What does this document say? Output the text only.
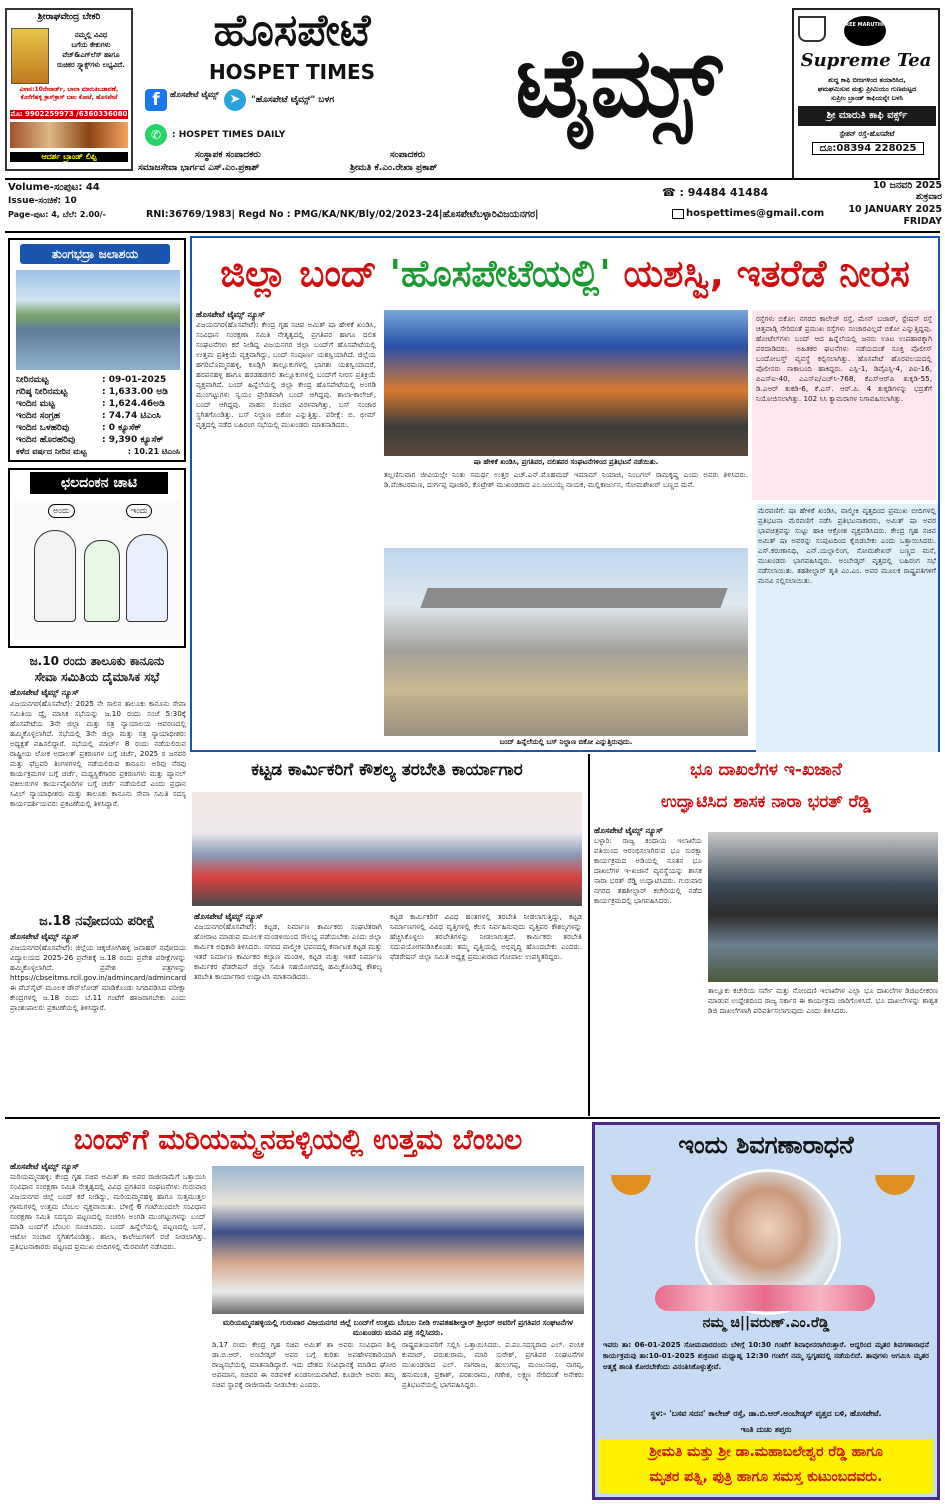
ಶ್ರೀರಾಘವೇಂದ್ರ ಬೇಕರಿ
ನಮ್ಮಲ್ಲಿ ವಿವಿಧ
ಬಗೆಯ ಕೇಕುಗಳು
ವೆಜ್&ಎಗ್‌ಲೆಸ್ ಹಾಗೂ
ರುಚಿಕರ ಸ್ನ್ಯಾಕ್ಸ್‌ಗಳು ಲಭ್ಯವಿದೆ.
ವಿಳಾಸ:10ನೇವಾರ್ಡ್, ಬಾಲಾ ಮಾರುತಿಬಡಾವಣೆ, ಕೊರೆಗೆಹಳ್ಳಿ ಕ್ರಾಸ್‌ಕ್ರಾಸ್ ಬಾಲ ಕೋಟೆ, ಹೊಸಪೇಟೆ
ಮೊ: 9902259973 /6360336080
ಆದರ್ಶ ಬ್ರಾಂಡ್ ಲಿಪ್ಪಿ
ಹೊಸಪೇಟೆ
HOSPET TIMES
f	ಹೊಸಪೇಟೆ ಟೈಮ್ಸ್ ➤	"ಹೊಸಪೇಟೆ ಟೈಮ್ಸ್" ಬಳಗ
✆	: HOSPET TIMES DAILY	ಟೈಮ್ಸ್
ಸಂಸ್ಥಾಪಕ ಸಂಪಾದಕರು	ಸಂಪಾದಕರು
ಸಮಾಜಸೇವಾ ಭಾರ್ಗವ ಎಸ್.ಎಂ.ಪ್ರಕಾಶ್	ಶ್ರೀಮತಿ ಕೆ.ಎಂ.ರೇಖಾ ಪ್ರಕಾಶ್
SREE MARUTHI's
Supreme Tea
ಶುದ್ಧ ಕಾಫಿ ಬೀಜಗಳಿಂದ ತಯಾರಿಸಿದ,
ಘಮಘಮಿಸುವ ಮತ್ತು ಪ್ರೀಮಿಯಂ ಗುಣಮಟ್ಟದ
ಸುಪ್ರೀಂ ಬ್ರಾಂಡ್ ಕಾಫಿಯನ್ನೇ ಬಳಸಿ
ಶ್ರೀ ಮಾರುತಿ ಕಾಫಿ ವರ್ಕ್ಸ್
ಸ್ಟೇಶನ್ ರಸ್ತೆ-ಹೊಸಪೇಟೆ
ದೂ:08394 228025
Volume-ಸಂಪುಟ: 44
Issue-ಸಂಚಿಕೆ: 10
Page-ಪುಟ: 4, ಬೆಲೆ: 2.00/-	RNI:36769/1983| Regd No : PMG/KA/NK/Bly/02/2023-24|ಹೊಸಪೇಟೆಬಳ್ಳಾರಿವಿಜಯನಗರ|	hospettimes@gmail.com
☎ : 94484 41484
10 ಜನವರಿ 2025
ಶುಕ್ರವಾರ
10 JANUARY 2025
FRIDAY
ತುಂಗಭದ್ರಾ ಜಲಾಶಯ
ನೀರಿನಮಟ್ಟ	: 09-01-2025
ಗರಿಷ್ಠ ನೀರಿನಮಟ್ಟ	: 1,633.00 ಅಡಿ
ಇಂದಿನ ಮಟ್ಟ	: 1,624.46ಅಡಿ
ಇಂದಿನ ಸಂಗ್ರಹ	: 74.74 ಟಿಎಂಸಿ
ಇಂದಿನ ಒಳಹರಿವು	: 0 ಕ್ಯೂಸೆಕ್
ಇಂದಿನ ಹೊರಹರಿವು	: 9,390 ಕ್ಯೂಸೆಕ್
ಕಳೆದ ವರ್ಷದ ನೀರಿನ ಮಟ್ಟ	: 10.21 ಟಿಎಂಸಿ
ಛಲದಂಕನ ಚಾಟಿ
ಅಂದು	ಇಂದು
ಜ.10 ರಂದು ತಾಲೂಕು ಕಾನೂನು
ಸೇವಾ ಸಮಿತಿಯ ದೈಮಾಸಿಕ ಸಭೆ
ಹೊಸಪೇಟೆ ಟೈಮ್ಸ್ ನ್ಯೂಸ್
ವಿಜಯನಗರ(ಹೊಸಪೇಟೆ): 2025 ನೇ ಸಾಲಿನ ತಾಲೂಕು ಕಾನೂನು ಸೇವಾ ಸಮಿತಿಯ ದ್ವೈ ಮಾಸಿಕ ಸಭೆಯನ್ನು ಜ.10 ರಂದು ಸಂಜೆ 5:30ಕ್ಕೆ ಹೊಸಪೇಟೆಯ 3ನೇ ಜಿಲ್ಲಾ ಮತ್ತು ಸತ್ರ ನ್ಯಾಯಾಲಯ ಆವರಣದಲ್ಲಿ ಹಮ್ಮಿಕೊಳ್ಳಲಾಗಿದೆ. ಸಭೆಯಲ್ಲಿ 3ನೇ ಜಿಲ್ಲಾ ಮತ್ತು ಸತ್ರ ನ್ಯಾಯಾಧೀಶರು ಅಧ್ಯಕ್ಷತೆ ವಹಿಸಲಿದ್ದಾರೆ. ಸಭೆಯಲ್ಲಿ ಮಾರ್ಚ್ 8 ರಂದು ನಡೆಯಲಿರುವ ರಾಷ್ಟ್ರೀಯ ಲೋಕ ಅದಾಲತ್ ಪ್ರಕರಣಗಳ ಬಗ್ಗೆ ಚರ್ಚೆ, 2025 ರ ಜನವರಿ ಮತ್ತು ಫೆಬ್ರವರಿ ತಿಂಗಳಗಳಲ್ಲಿ ನಡೆಯಲಿರುವ ಕಾನೂನು ಅರಿವು ನೆರವು ಕಾರ್ಯಕ್ರಮಗಳ ಬಗ್ಗೆ ಚರ್ಚೆ, ಮಧ್ಯಸ್ಥಿಕೆಗಾರರ ಪ್ರಕರಣಗಳು ಮತ್ತು ಪ್ಯಾನಲ್ ವಕೀಲರುಗಳ ಕಾರ್ಯವೈಖರಿಗಳ ಬಗ್ಗೆ ಚರ್ಚೆ ನಡೆಯಲಿದೆ ಎಂದು ಪ್ರಧಾನ ಸಿವಿಲ್ ನ್ಯಾಯಾಧೀಶರು ಮತ್ತು ತಾಲೂಕು ಕಾನೂನು ಸೇವಾ ಸಮಿತಿ ಸದಸ್ಯ ಕಾರ್ಯದರ್ಶಿಯವರು ಪ್ರಕಟಣೆಯಲ್ಲಿ ತಿಳಿಸಿದ್ದಾರೆ.
ಜ.18 ನವೋದಯ ಪರೀಕ್ಷೆ
ಹೊಸಪೇಟೆ ಟೈಮ್ಸ್ ನ್ಯೂಸ್
ವಿಜಯನಗರ(ಹೊಸಪೇಟೆ): ಜಿಲ್ಲೆಯ ಚಿಕ್ಕಜೋಗಿಹಳ್ಳಿ ಜವಾಹರ್ ನವೋದಯ ವಿದ್ಯಾಲಯದ 2025-26 ಪ್ರವೇಶಕ್ಕೆ ಜ.18 ರಂದು ಪ್ರವೇಶ ಪರೀಕ್ಷೆಗಳನ್ನು ಹಮ್ಮಿಕೊಳ್ಳಲಾಗಿದೆ. ಪ್ರವೇಶ ಪತ್ರಗಳನ್ನು https://cbseitms.rcil.gov.in/admincard/admincard ಈ ವೆಬ್‌ಸೈಟ್ ಮೂಲಕ ಡೌನ್‌ಲೋಡ್ ಮಾಡಿಕೊಂಡು ನಿಗದಿಪಡಿಸಿದ ಪರೀಕ್ಷಾ ಕೇಂದ್ರಗಳಲ್ಲಿ ಜ.18 ರಂದು ಬೆ.11 ಗಂಟೆಗೆ ಹಾಜರಾಗಬೇಕು ಎಂದು ಪ್ರಾಂಶುಪಾಲರು ಪ್ರಕಟಣೆಯಲ್ಲಿ ತಿಳಿಸಿದ್ದಾರೆ.
ಜಿಲ್ಲಾ ಬಂದ್ 'ಹೊಸಪೇಟೆಯಲ್ಲಿ' ಯಶಸ್ವಿ, ಇತರೆಡೆ ನೀರಸ
ಹೊಸಪೇಟೆ ಟೈಮ್ಸ್ ನ್ಯೂಸ್
ವಿಜಯನಗರ(ಹೊಸಪೇಟೆ): ಕೇಂದ್ರ ಗೃಹ ಸಚಿವ ಅಮಿತ್ ಷಾ ಹೇಳಿಕೆ ಖಂಡಿಸಿ, ಸಂವಿಧಾನ ಸಂರಕ್ಷಣಾ ಸಮಿತಿ ನೇತೃತ್ವದಲ್ಲಿ ಪ್ರಗತಿಪರ ಹಾಗೂ ದಲಿತ ಸಂಘಟನೆಗಳು ಕರೆ ನೀಡಿದ್ದ ವಿಜಯನಗರ ಜಿಲ್ಲಾ ಬಂದ್‌ಗೆ ಹೊಸಪೇಟೆಯಲ್ಲಿ ಉತ್ತಮ ಪ್ರತಿಕ್ರಿಯೆ ವ್ಯಕ್ತವಾಗಿದ್ದು, ಬಂದ್ ಸಂಪೂರ್ಣ ಯಶಸ್ವಿಯಾಗಿದೆ. ಜಿಲ್ಲೆಯ ಹಗರಿಬೊಮ್ಮನಹಳ್ಳಿ, ಕೂಡ್ಲಿಗಿ ತಾಲ್ಲೂಕುಗಳಲ್ಲಿ ಭಾಗಶಃ ಯಶಸ್ವಿಯಾದರೆ, ಹರಪನಹಳ್ಳಿ ಹಾಗೂ ಹರಡಹಡಗಲಿ ತಾಲ್ಲೂಕುಗಳಲ್ಲಿ ಬಂದ್‌ಗೆ ನೀರಸ ಪ್ರತಿಕ್ರಿಯೆ ವ್ಯಕ್ತವಾಗಿದೆ. ಬಂದ್ ಹಿನ್ನೆಲೆಯಲ್ಲಿ ಜಿಲ್ಲಾ ಕೇಂದ್ರ ಹೊಸಪೇಟೆಯಲ್ಲಿ ಅಂಗಡಿ ಮುಂಗಟ್ಟುಗಳು ಸ್ವಯಂ ಪ್ರೇರಿತವಾಗಿ ಬಂದ್ ಆಗಿದ್ದವು. ಶಾಲಾ-ಕಾಲೇಜ್, ಬಂದ್ ಆಗಿದ್ದವು. ವಾಹನ ಸಂಚಾರ ವಿರಳವಾಗಿತ್ತು, ಬಸ್ ಸಂಚಾರ ಸ್ಥಗಿತಗೊಂಡಿತ್ತು. ಬಸ್ ನಿಲ್ದಾಣ ಬಿಕೋ ಎನ್ನುತ್ತಿತ್ತು. ಪರೀಕ್ಷೆ: ಬಿ. ಭೀಮ್ ವೃತ್ತದಲ್ಲಿ ನಡೆದ ಬಹಿರಂಗ ಸಭೆಯಲ್ಲಿ ಮುಖಂಡರು ಮಾತನಾಡಿದರು.
ಷಾ ಹೇಳಿಕೆ ಖಂಡಿಸಿ, ಪ್ರಗತಿಪರ, ದಲಿತಪರ ಸಂಘಟನೆಗಳಿಂದ ಪ್ರತಿಭಟನೆ ನಡೆಯಿತು.
ತಲ್ಲಣಿಸುವಾಗ ಜೀವಿಯಲ್ಲೇ ನಿಂತು ಸಮರ್ಥ ಉತ್ತರ ಎಚ್.ಎನ್.ಮೊಹಮದ್ ಇಮಾಮ್ ನಿಯಾಜಿ, ನಿಂಬಗಲ್ ರಾಮಕೃಷ್ಣ ಎಂದು ಅವರು ತಿಳಿಸಿದರು. ಡಿ.ವೆಂಕಟರಮಣ, ದುರ್ಗಪ್ಪ ಪೂಜಾರಿ, ಕೊಟ್ರೇಶ್ ಮುಖಂಡರಾದ ಎಂ.ಜಂಬಯ್ಯ ನಾಯಕ, ಮಲ್ಲಿಕಾರ್ಜುನ, ಸೋಮಶೇಖರ್ ಬಣ್ಣದ ಮನೆ.
ಬಂದ್ ಹಿನ್ನೆಲೆಯಲ್ಲಿ ಬಸ್ ನಿಲ್ದಾಣ ಬಿಕೋ ಎನ್ನುತ್ತಿರುವುದು.
ರಸ್ತೆಗಳು ಬಿಕೋ: ನಗರದ ಕಾಲೇಜ್ ರಸ್ತೆ, ಮೇನ್ ಬಜಾರ್, ಸ್ಟೇಷನ್ ರಸ್ತೆ ಚಿತ್ತವಾಡ್ಗಿ ಸೇರಿದಂತೆ ಪ್ರಮುಖ ರಸ್ತೆಗಳು ಸಂಚಾರವಿಲ್ಲದೆ ಬಿಕೋ ಎನ್ನುತ್ತಿದ್ದವು. ಹೋಟೆಲ್‌ಗಳು ಬಂದ್ ಆದ ಹಿನ್ನೆಲೆಯಲ್ಲಿ ಜನರು ಊಟ ಉಪಹಾರಕ್ಕಾಗಿ ಪರದಾಡಿದರು. ಅಹಿತಕರ ಘಟನೆಗಳು ನಡೆಯದಂತೆ ಸೂಕ್ತ ಪೊಲೀಸ್ ಬಂದೋಬಸ್ತ್ ವ್ಯವಸ್ಥೆ ಕಲ್ಪಿಸಲಾಗಿತ್ತು. ಹೊಸಪೇಟೆ ಹೊರವಲಯದಲ್ಲಿ ಪೊಲೀಸರು ನಾಕಾಬಂದಿ ಹಾಕಿದ್ದರು. ಎಸ್ಪಿ-1, ಡಿವೈಎಸ್ಪಿ-4, ಪಿಐ-16, ಪಿಎಸ್‌ಐ-40, ಎಎಸ್‌ಐ/ಎಚ್‌ಸಿ-768, ಕೆಎಸ್‌ಆರ್‌ಪಿ ತುಕ್ಕಡಿ-55, ಡಿ.ಎಆರ್ ತುಕಡಿ-6, ಕೆ.ಎಸ್. ಆರ್.ಪಿ. 4 ತುಕ್ಕಡಿಗಳನ್ನು ಭದ್ರತೆಗೆ ನಿಯೋಜಿಸಲಾಗಿತ್ತು. 102 ಸಿಸಿ ಕ್ಯಾಮರಾಗಳ ನಿಗಾವಹಿಸಲಾಗಿತ್ತು.
ಮೆರವಣಿಗೆ: ಷಾ ಹೇಳಿಕೆ ಖಂಡಿಸಿ, ವಾಲ್ಮೀಕಿ ವೃತ್ತದಿಂದ ಪ್ರಮುಖ ಬೀದಿಗಳಲ್ಲಿ ಪ್ರತಿಭಟನಾ ಮೆರವಣಿಗೆ ನಡೆಸಿ ಪ್ರತಿಭಟನಾಕಾರರು, ಅಮಿತ್ ಷಾ ಅವರ ಭಾವಚಿತ್ರವನ್ನು ಸುಟ್ಟು ಹಾಕಿ ಆಕ್ರೋಶ ವ್ಯಕ್ತಪಡಿಸಿದರು. ಕೇಂದ್ರ ಗೃಹ ಸಚಿವ ಅಮಿತ್ ಷಾ ಅವರನ್ನು ಸಂಪುಟದಿಂದ ಕೈಬಿಡಬೇಕು ಎಂದು ಒತ್ತಾಯಿಸಿದರು. ಎಸ್‌.ಕರುಣಾನಿಧಿ, ಎನ್.ಯಲ್ಲಾಲಿಂಗ, ಸೋಮಶೇಖರ್ ಬಣ್ಣದ ಮನೆ, ಮುಖಂಡರು ಭಾಗವಹಿಸಿದ್ದರು. ಅಂಬೇಡ್ಕರ್ ವೃತ್ತದಲ್ಲಿ ಬಹಿರಂಗ ಸಭೆ ನಡೆಸಲಾಯಿತು. ತಹಶೀಲ್ದಾರ್ ಶೃತಿ ಎಂ.ಎಂ. ಅವರ ಮೂಲಕ ರಾಷ್ಟ್ರಪತಿಗಳಿಗೆ ಮನವಿ ಸಲ್ಲಿಸಲಾಯಿತು.
ಕಟ್ಟಡ ಕಾರ್ಮಿಕರಿಗೆ ಕೌಶಲ್ಯ ತರಬೇತಿ ಕಾರ್ಯಾಗಾರ
ಹೊಸಪೇಟೆ ಟೈಮ್ಸ್ ನ್ಯೂಸ್
ವಿಜಯನಗರ(ಹೊಸಪೇಟೆ): ಕಟ್ಟಡ, ನಿರ್ಮಾಣ ಕಾರ್ಮಿಕರು ಸಂಘಟಿತರಾಗಿ ಹೋರಾಟ ಮಾಡುವ ಮೂಲಕ ಮಂಡಳಿಯಿಂದ ಸೌಲಭ್ಯ ಪಡೆಯಬೇಕು ಎಂದು ಜಿಲ್ಲಾ ಕಾರ್ಮಿಕ ಅಧಿಕಾರಿ ತಿಳಿಸಿದರು. ನಗರದ ವಾಲ್ಮೀಕಿ ಭವನದಲ್ಲಿ ಕರ್ನಾಟಕ ಕಟ್ಟಡ ಮತ್ತು ಇತರೆ ನಿರ್ಮಾಣ ಕಾರ್ಮಿಕರ ಕಲ್ಯಾಣ ಮಂಡಳಿ, ಕಟ್ಟಡ ಮತ್ತು ಇತರೆ ನಿರ್ಮಾಣ ಕಾರ್ಮಿಕರ ಫೆಡರೇಷನ್ ಜಿಲ್ಲಾ ಸಮಿತಿ ಸಹಯೋಗದಲ್ಲಿ ಹಮ್ಮಿಕೊಂಡಿದ್ದ ಕೌಶಲ್ಯ ತರಬೇತಿ ಕಾರ್ಯಾಗಾರ ಉದ್ಘಾಟಿಸಿ ಮಾತನಾಡಿದರು.
ಕಟ್ಟಡ ಕಾರ್ಮಿಕರಿಗೆ ವಿವಿಧ ಹಂತಗಳಲ್ಲಿ ತರಬೇತಿ ನೀಡಲಾಗುತ್ತಿದ್ದು, ಕಟ್ಟಡ ನಿರ್ಮಾಣಗಳಲ್ಲಿ ವಿವಿಧ ವೃತ್ತಿಗಳಲ್ಲಿ ಕೆಲಸ ನಿರ್ವಹಿಸುವುದು ವೃತ್ತಿಪರ ಕೌಶಲ್ಯಗಳನ್ನು ಹೆಚ್ಚಿಸಿಕೊಳ್ಳಲು ತರಬೇತಿಗಳನ್ನು ನೀಡಲಾಗುತ್ತದೆ. ಕಾರ್ಮಿಕರು ತರಬೇತಿ ಸದುಪಯೋಗಪಡಿಸಿಕೊಂಡು ತಮ್ಮ ವೃತ್ತಿಯಲ್ಲಿ ಅಭಿವೃದ್ಧಿ ಹೊಂದಬೇಕು ಎಂದರು. ಫೆಡರೇಷನ್ ಜಿಲ್ಲಾ ಸಮಿತಿ ಅಧ್ಯಕ್ಷ ಪ್ರಮುಖರಾದ ಗೋಪಾಲ ಉಪಸ್ಥಿತರಿದ್ದರು.
ಭೂ ದಾಖಲೆಗಳ ಇ-ಖಜಾನೆ
ಉದ್ಘಾಟಿಸಿದ ಶಾಸಕ ನಾರಾ ಭರತ್ ರೆಡ್ಡಿ
ಹೊಸಪೇಟೆ ಟೈಮ್ಸ್ ನ್ಯೂಸ್
ಬಳ್ಳಾರಿ: ರಾಜ್ಯ ಕಂದಾಯ ಇಲಾಖೆಯ ವತಿಯಿಂದ ಆರಂಭಿಸಲಾಗಿರುವ ಭೂ ಸುರಕ್ಷಾ ಕಾರ್ಯಕ್ರಮದ ಅಡಿಯಲ್ಲಿ ನೂತನ ಭೂ ದಾಖಲೆಗಳ ಇ-ಖಜಾನೆ ವ್ಯವಸ್ಥೆಯನ್ನು ಶಾಸಕ ನಾರಾ ಭರತ್ ರೆಡ್ಡಿ ಉದ್ಘಾಟಿಸಿದರು. ಗುರುವಾರ ನಗರದ ತಹಶೀಲ್ದಾರ್ ಕಚೇರಿಯಲ್ಲಿ ನಡೆದ ಕಾರ್ಯಕ್ರಮದಲ್ಲಿ ಭಾಗವಹಿಸಿದರು.
ತಾಲ್ಲೂಕು ಕಚೇರಿಯ ಸರ್ವೇ ಮತ್ತು ನೋಂದಣಿ ಇಲಾಖೆಗಳ ಎಲ್ಲಾ ಭೂ ದಾಖಲೆಗಳ ಡಿಜಿಟಲೀಕರಣ ಮಾಡುವ ಉದ್ದೇಶದಿಂದ ರಾಜ್ಯ ಸರ್ಕಾರ ಈ ಕಾರ್ಯಕ್ರಮ ಜಾರಿಗೊಳಿಸಿದೆ. ಭೂ ದಾಖಲೆಗಳನ್ನು ಶಾಶ್ವತ ಡಿಜಿ ದಾಖಲೆಗಳಾಗಿ ಪರಿವರ್ತಿಸಲಾಗುವುದು ಎಂದು ತಿಳಿಸಿದರು.
ಬಂದ್‌ಗೆ ಮರಿಯಮ್ಮನಹಳ್ಳಿಯಲ್ಲಿ ಉತ್ತಮ ಬೆಂಬಲ
ಹೊಸಪೇಟೆ ಟೈಮ್ಸ್ ನ್ಯೂಸ್
ಮರಿಯಮ್ಮನಹಳ್ಳಿ: ಕೇಂದ್ರ ಗೃಹ ಸಚಿವ ಅಮಿತ್ ಶಾ ಅವರ ರಾಜೀನಾಮೆಗೆ ಒತ್ತಾಯಿಸಿ ಸಂವಿಧಾನ ಸಂರಕ್ಷಣಾ ಸಮಿತಿ ನೇತೃತ್ವದಲ್ಲಿ ವಿವಿಧ ಪ್ರಗತಿಪರ ಸಂಘಟನೆಗಳು ಗುರುವಾರ ವಿಜಯನಗರ ಜಿಲ್ಲೆ ಬಂದ್ ಕರೆ ನೀಡಿದ್ದು, ಮರಿಯಮ್ಮನಹಳ್ಳಿ ಹಾಗೂ ಸುತ್ತಮುತ್ತಲ ಗ್ರಾಮಗಳಲ್ಲಿ ಉತ್ತಮ ಬೆಂಬಲ ವ್ಯಕ್ತವಾಯಿತು. ಬೆಳಿಗ್ಗೆ 6 ಗಂಟೆಯಿಂದಲೇ ಸಂವಿಧಾನ ಸಂರಕ್ಷಣಾ ಸಮಿತಿ ಸದಸ್ಯರು ಪಟ್ಟಣದಲ್ಲಿ ಸಂಚರಿಸಿ ಅಂಗಡಿ ಮುಂಗಟ್ಟುಗಳನ್ನು ಬಂದ್ ಮಾಡಿ ಬಂದ್‌ಗೆ ಬೆಂಬಲ ಸೂಚಿಸಿದರು. ಬಂದ್ ಹಿನ್ನೆಲೆಯಲ್ಲಿ ಪಟ್ಟಣದಲ್ಲಿ ಬಸ್, ಆಟೋ ಸಂಚಾರ ಸ್ಥಗಿತಗೊಂಡಿತ್ತು. ಶಾಲಾ, ಕಾಲೇಜುಗಳಿಗೆ ರಜೆ ನೀಡಲಾಗಿತ್ತು. ಪ್ರತಿಭಟನಾಕಾರರು ಪಟ್ಟಣದ ಪ್ರಮುಖ ಬೀದಿಗಳಲ್ಲಿ ಮೆರವಣಿಗೆ ನಡೆಸಿದರು.
ಮರಿಯಮ್ಮನಹಳ್ಳಿಯಲ್ಲಿ ಗುರುವಾರ ವಿಜಯನಗರ ಜಿಲ್ಲೆ ಬಂದ್‌ಗೆ ಉತ್ತಮ ಬೆಂಬಲ ನೀಡಿ ಉಪತಹಶೀಲ್ದಾರ್ ಶ್ರೀಧರ್ ಅವರಿಗೆ ಪ್ರಗತಿಪರ ಸಂಘಟನೆಗಳ ಮುಖಂಡರು ಮನವಿ ಪತ್ರ ಸಲ್ಲಿಸಿದರು.
ಡಿ.17 ರಂದು ಕೇಂದ್ರ ಗೃಹ ಸಚಿವ ಅಮಿತ್ ಶಾ ಅವರು ಸಂವಿಧಾನ ಶಿಲ್ಪಿ ಡಾ.ಬಿ.ಆರ್. ಅಂಬೇಡ್ಕರ್ ಅವರ ಬಗ್ಗೆ ಕುರಿತು ಅವಹೇಳನಕಾರಿಯಾಗಿ ರಾಜ್ಯಸಭೆಯಲ್ಲಿ ಮಾತನಾಡಿದ್ದಾರೆ. ಇದು ದೇಶದ ಸಂವಿಧಾನಕ್ಕೆ ಮಾಡಿದ ಘೋರ ಅಪಮಾನ, ಸಚಿವರ ಈ ನಡವಳಿಕೆ ಖಂಡನೀಯವಾಗಿದೆ. ಕೂಡಲೇ ಅವರು ತಮ್ಮ ಸಚಿವ ಸ್ಥಾನಕ್ಕೆ ರಾಜೀನಾಮೆ ನೀಡಬೇಕು ಎಂದರು.
ರಾಷ್ಟ್ರಪತಿಯವರಿಗೆ ಸಲ್ಲಿಸಿ ಒತ್ತಾಯಿಸಿದರು. ಪ.ಪಂ.ಸದಸ್ಯರಾದ ಎಲ್. ವಂಸಿಕ ಕುಮಾರ್, ಪರುಶುರಾಮ, ಮಾರಿ ಸುರೇಶ್, ಪ್ರಗತಿಪರ ಸಂಘಟನೆಗಳ ಮುಖಂಡರಾದ ಎಲ್. ನಾಗರಾಜ, ಹುಲುಗಪ್ಪ, ಮಂಜುನಾಥ, ನಾಗಪ್ಪ, ಹನುಮಂತ, ಪ್ರಕಾಶ್, ಪರಶುರಾಮ, ಗಣೇಶ, ಲಕ್ಷ್ಮಣ ಸೇರಿದಂತೆ ಅನೇಕರು ಪ್ರತಿಭಟನೆಯಲ್ಲಿ ಭಾಗವಹಿಸಿದ್ದರು.
ಇಂದು ಶಿವಗಣಾರಾಧನೆ
ನಮ್ಮ ಚಿ||ವರುಣ್.ಎಂ.ರೆಡ್ಡಿ
ಇವರು ತಾ: 06-01-2025 ಸೋಮವಾರದಂದು ಬೆಳಿಗ್ಗೆ 10:30 ಗಂಟೆಗೆ ಶಿವಾಧೀನರಾಗಿರುತ್ತಾರೆ. ಆದ್ದರಿಂದ ಮೃತರ ಶಿವಗಣಾರಾಧನೆ ಕಾರ್ಯಕ್ರಮವು ತಾ:10-01-2025 ಶುಕ್ರವಾರ ಮಧ್ಯಾಹ್ನ 12:30 ಗಂಟೆಗೆ ನಮ್ಮ ಸ್ವಗೃಹದಲ್ಲಿ ನಡೆಯಲಿದೆ. ತಾವುಗಳು ಆಗಮಿಸಿ ಮೃತರ ಆತ್ಮಕ್ಕೆ ಶಾಂತಿ ಕೋರಬೇಕೆಂದು ವಿನಂತಿಸಿಕೊಳ್ಳುತ್ತೇವೆ.
ಸ್ಥಳ:- 'ಬಸವ ಸದನ' ಕಾಲೇಜ್ ರಸ್ತೆ, ಡಾ.ಬಿ.ಆರ್.ಅಂಬೇಡ್ಕರ್ ವೃತ್ತದ ಬಳಿ, ಹೊಸಪೇಟೆ.
ಇಂತಿ ದುಃಖ ತಪ್ತರು
ಶ್ರೀಮತಿ ಮತ್ತು ಶ್ರೀ ಡಾ.ಮಹಾಬಲೇಶ್ವರ ರೆಡ್ಡಿ ಹಾಗೂ
ಮೃತರ ಪತ್ನಿ, ಪುತ್ರಿ ಹಾಗೂ ಸಮಸ್ತ ಕುಟುಂಬದವರು.
